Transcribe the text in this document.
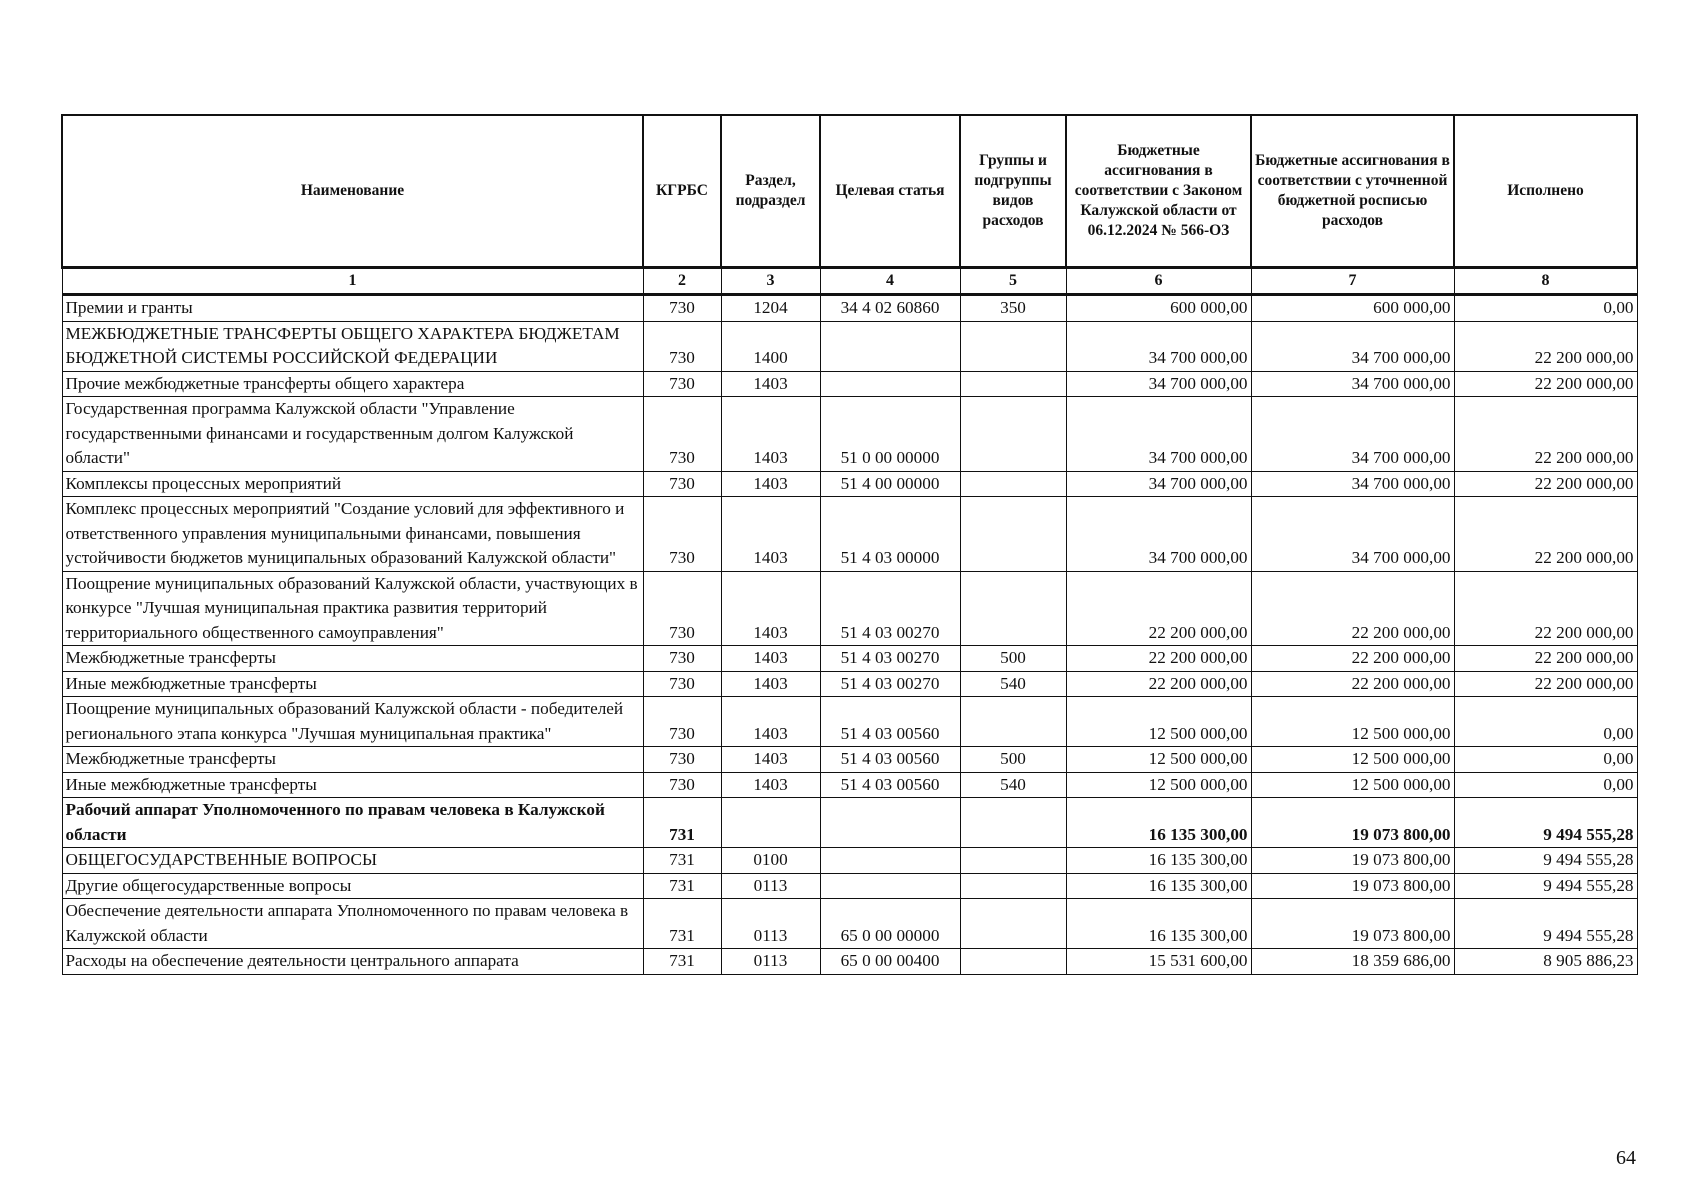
Наименование	КГРБС	Раздел, подраздел	Целевая статья	Группы и подгруппы видов расходов	Бюджетные ассигнования в соответствии с Законом Калужской области от 06.12.2024 № 566-ОЗ	Бюджетные ассигнования в соответствии с уточненной бюджетной росписью расходов	Исполнено
1	2	3	4	5	6	7	8
Премии и гранты	730	1204	34 4 02 60860	350	600 000,00	600 000,00	0,00
МЕЖБЮДЖЕТНЫЕ ТРАНСФЕРТЫ ОБЩЕГО ХАРАКТЕРА БЮДЖЕТАМ БЮДЖЕТНОЙ СИСТЕМЫ РОССИЙСКОЙ ФЕДЕРАЦИИ	730	1400			34 700 000,00	34 700 000,00	22 200 000,00
Прочие межбюджетные трансферты общего характера	730	1403			34 700 000,00	34 700 000,00	22 200 000,00
Государственная программа Калужской области "Управление государственными финансами и государственным долгом Калужской области"	730	1403	51 0 00 00000		34 700 000,00	34 700 000,00	22 200 000,00
Комплексы процессных мероприятий	730	1403	51 4 00 00000		34 700 000,00	34 700 000,00	22 200 000,00
Комплекс процессных мероприятий "Создание условий для эффективного и ответственного управления муниципальными финансами, повышения устойчивости бюджетов муниципальных образований Калужской области"	730	1403	51 4 03 00000		34 700 000,00	34 700 000,00	22 200 000,00
Поощрение муниципальных образований Калужской области, участвующих в конкурсе "Лучшая муниципальная практика развития территорий территориального общественного самоуправления"	730	1403	51 4 03 00270		22 200 000,00	22 200 000,00	22 200 000,00
Межбюджетные трансферты	730	1403	51 4 03 00270	500	22 200 000,00	22 200 000,00	22 200 000,00
Иные межбюджетные трансферты	730	1403	51 4 03 00270	540	22 200 000,00	22 200 000,00	22 200 000,00
Поощрение муниципальных образований Калужской области - победителей регионального этапа конкурса "Лучшая муниципальная практика"	730	1403	51 4 03 00560		12 500 000,00	12 500 000,00	0,00
Межбюджетные трансферты	730	1403	51 4 03 00560	500	12 500 000,00	12 500 000,00	0,00
Иные межбюджетные трансферты	730	1403	51 4 03 00560	540	12 500 000,00	12 500 000,00	0,00
Рабочий аппарат Уполномоченного по правам человека в Калужской области	731				16 135 300,00	19 073 800,00	9 494 555,28
ОБЩЕГОСУДАРСТВЕННЫЕ ВОПРОСЫ	731	0100			16 135 300,00	19 073 800,00	9 494 555,28
Другие общегосударственные вопросы	731	0113			16 135 300,00	19 073 800,00	9 494 555,28
Обеспечение деятельности аппарата Уполномоченного по правам человека в Калужской области	731	0113	65 0 00 00000		16 135 300,00	19 073 800,00	9 494 555,28
Расходы на обеспечение деятельности центрального аппарата	731	0113	65 0 00 00400		15 531 600,00	18 359 686,00	8 905 886,23
64
